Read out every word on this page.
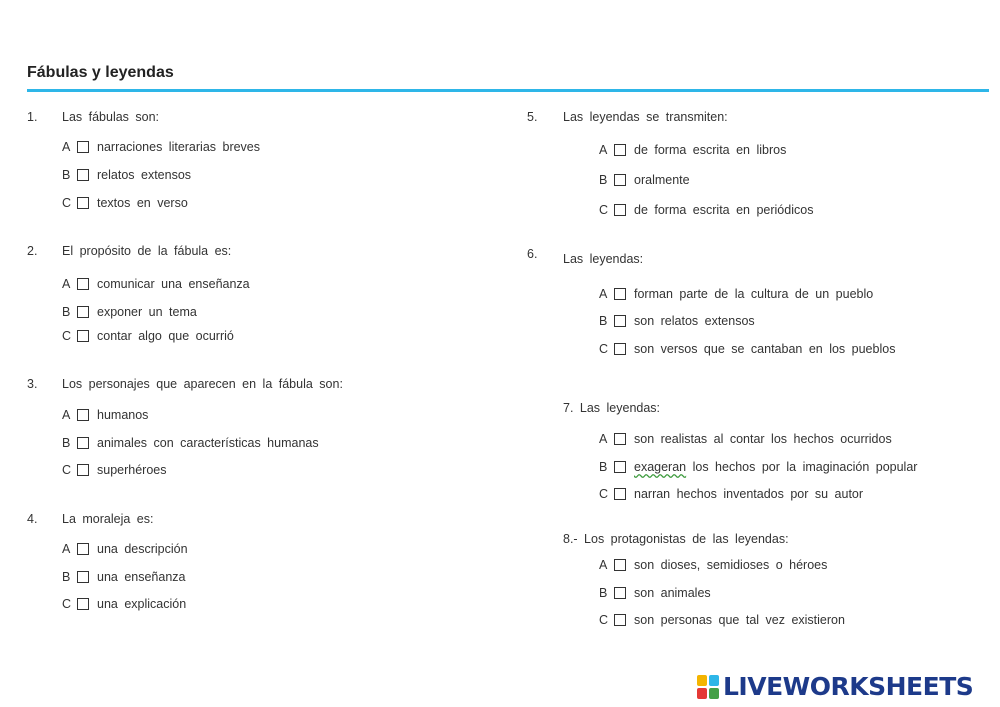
Fábulas y leyendas
1. Las fábulas son:
A narraciones literarias breves
B relatos extensos
C textos en verso
2. El propósito de la fábula es:
A comunicar una enseñanza
B exponer un tema
C contar algo que ocurrió
3. Los personajes que aparecen en la fábula son:
A humanos
B animales con características humanas
C superhéroes
4. La moraleja es:
A una descripción
B una enseñanza
C una explicación
5. Las leyendas se transmiten:
A de forma escrita en libros
B oralmente
C de forma escrita en periódicos
6. Las leyendas:
A forman parte de la cultura de un pueblo
B son relatos extensos
C son versos que se cantaban en los pueblos
7. Las leyendas:
A son realistas al contar los hechos ocurridos
B exageran los hechos por la imaginación popular
C narran hechos inventados por su autor
8.- Los protagonistas de las leyendas:
A son dioses, semidioses o héroes
B son animales
C son personas que tal vez existieron
LIVEWORKSHEETS
